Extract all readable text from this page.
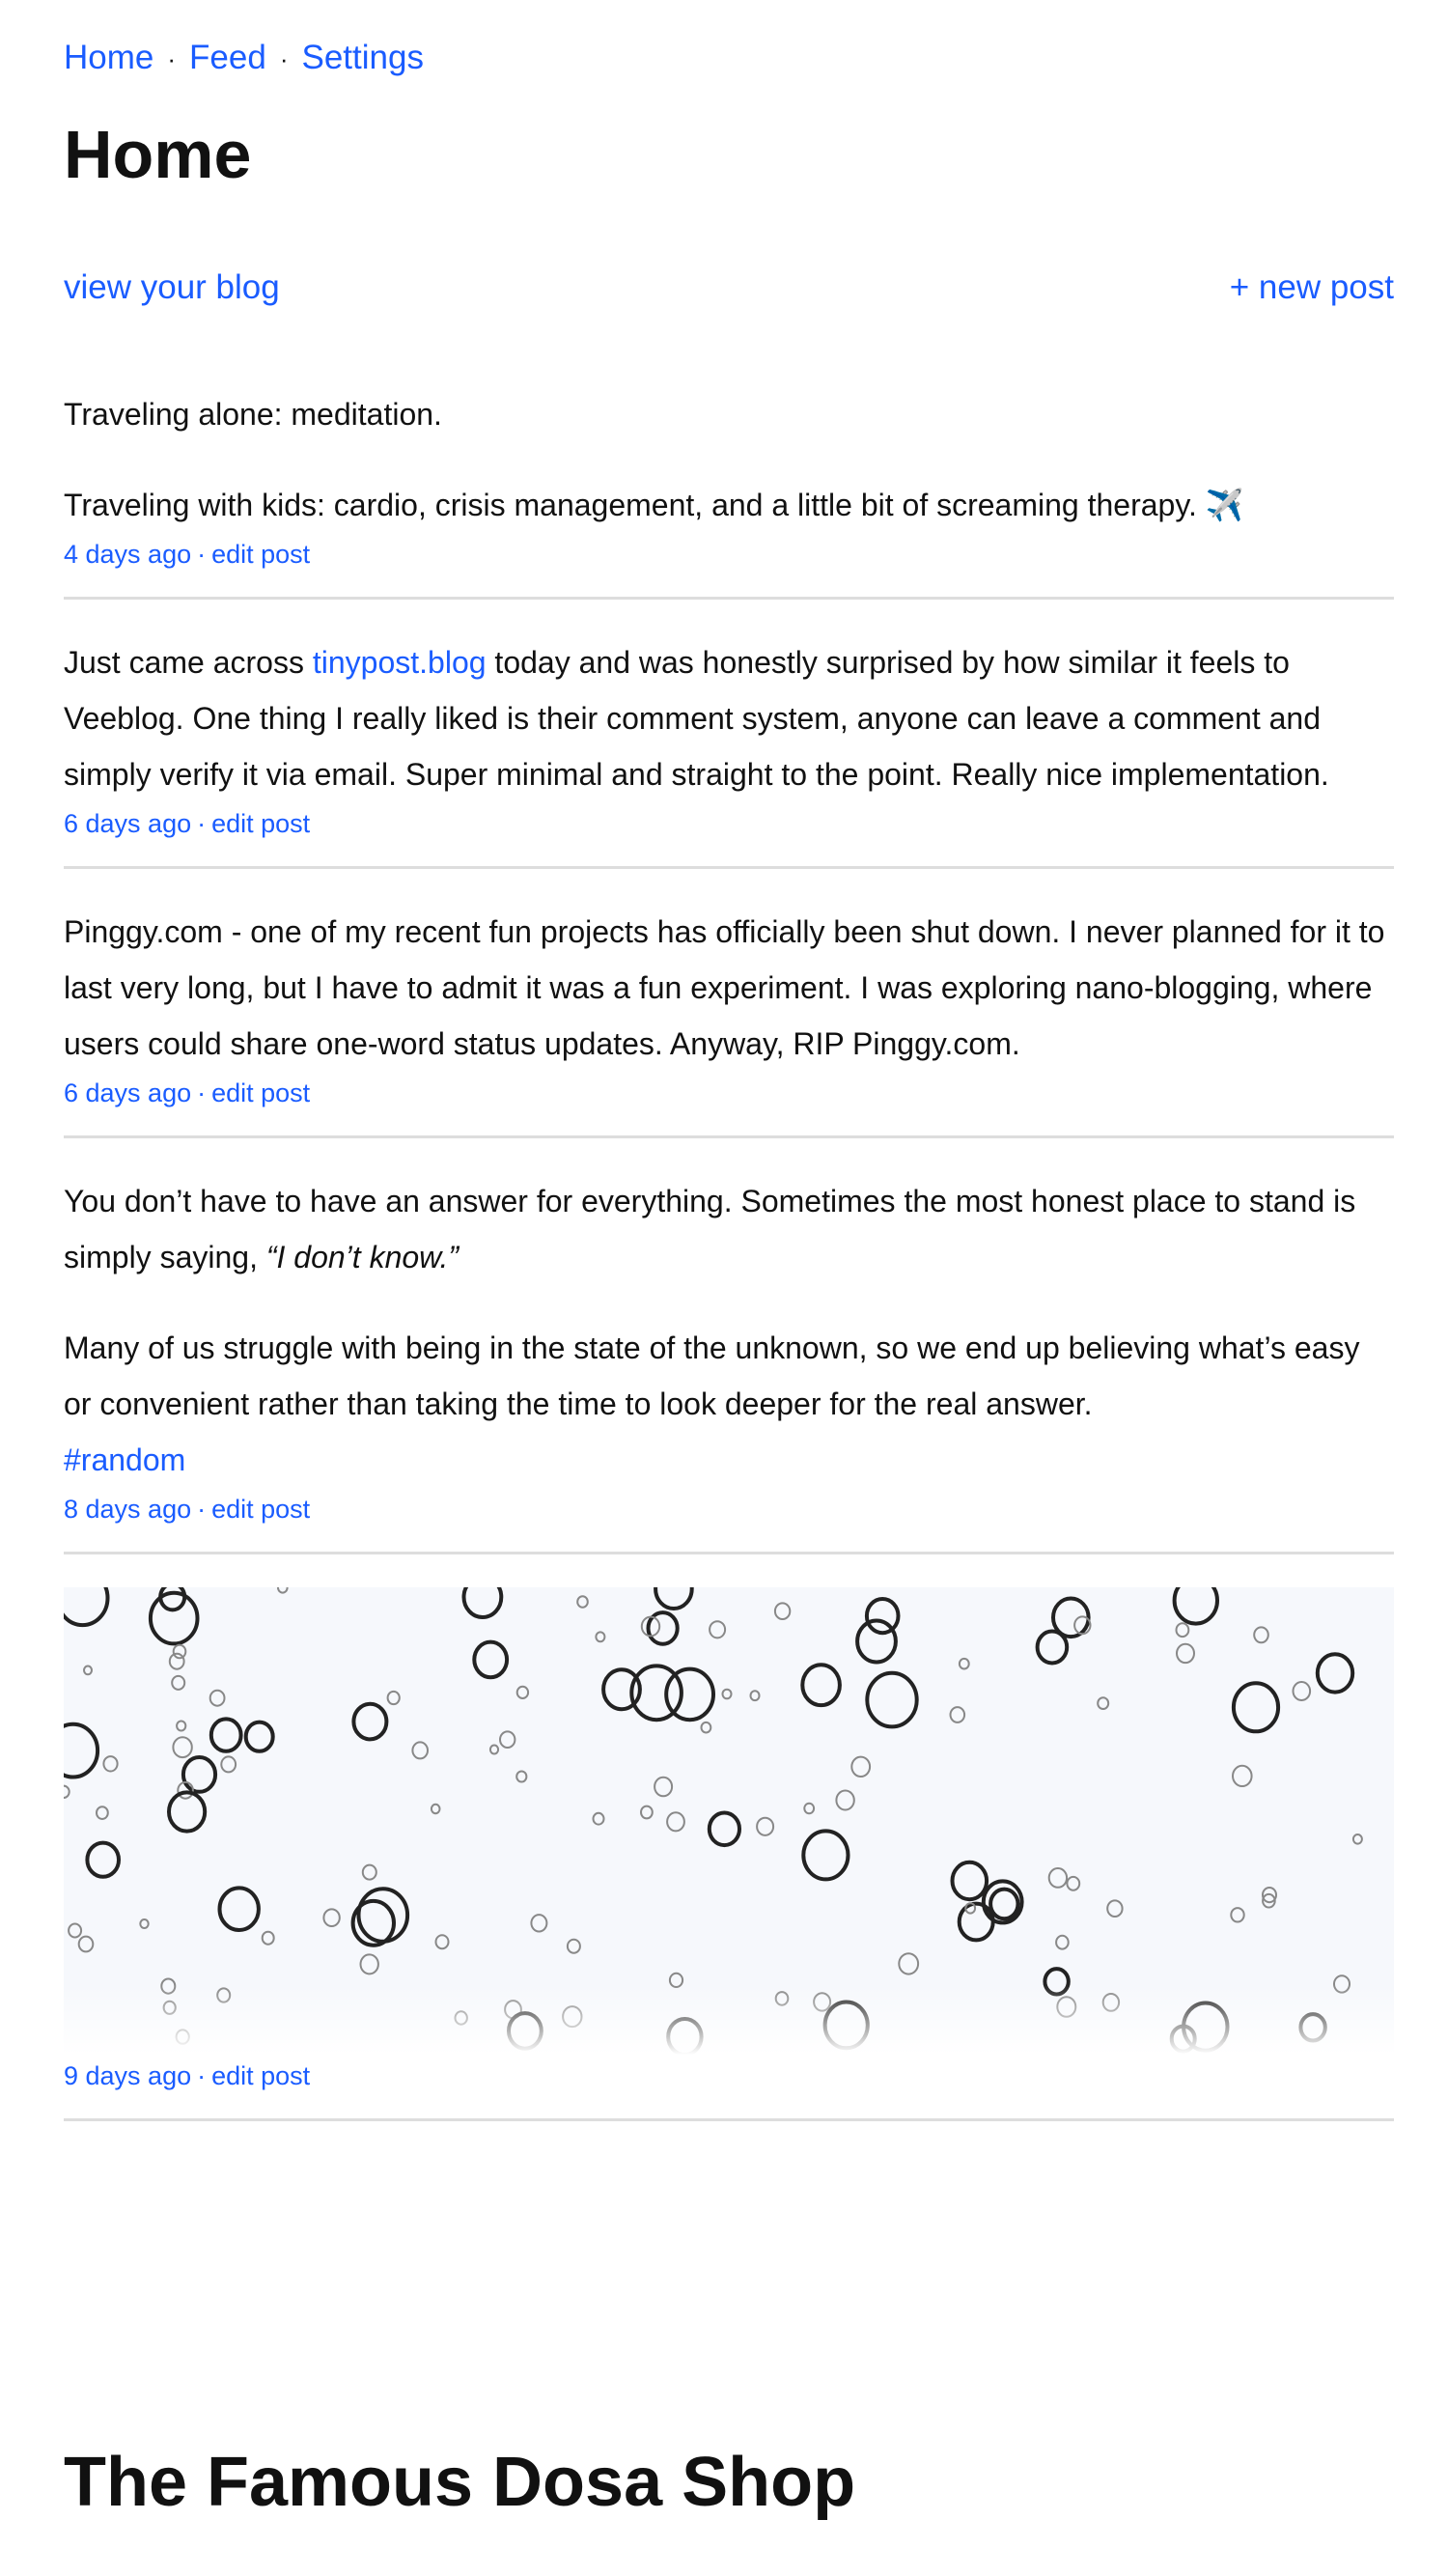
Home · Feed · Settings
Home
view your blog	+ new post

Traveling alone: meditation.

Traveling with kids: cardio, crisis management, and a little bit of screaming therapy. ✈️

4 days ago · edit post

Just came across tinypost.blog today and was honestly surprised by how similar it feels to Veeblog. One thing I really liked is their comment system, anyone can leave a comment and simply verify it via email. Super minimal and straight to the point. Really nice implementation.

6 days ago · edit post

Pinggy.com - one of my recent fun projects has officially been shut down. I never planned for it to last very long, but I have to admit it was a fun experiment. I was exploring nano-blogging, where users could share one-word status updates. Anyway, RIP Pinggy.com.

6 days ago · edit post

You don’t have to have an answer for everything. Sometimes the most honest place to stand is simply saying, “I don’t know.”

Many of us struggle with being in the state of the unknown, so we end up believing what’s easy or convenient rather than taking the time to look deeper for the real answer.
#random

8 days ago · edit post
9 days ago · edit post
The Famous Dosa Shop
